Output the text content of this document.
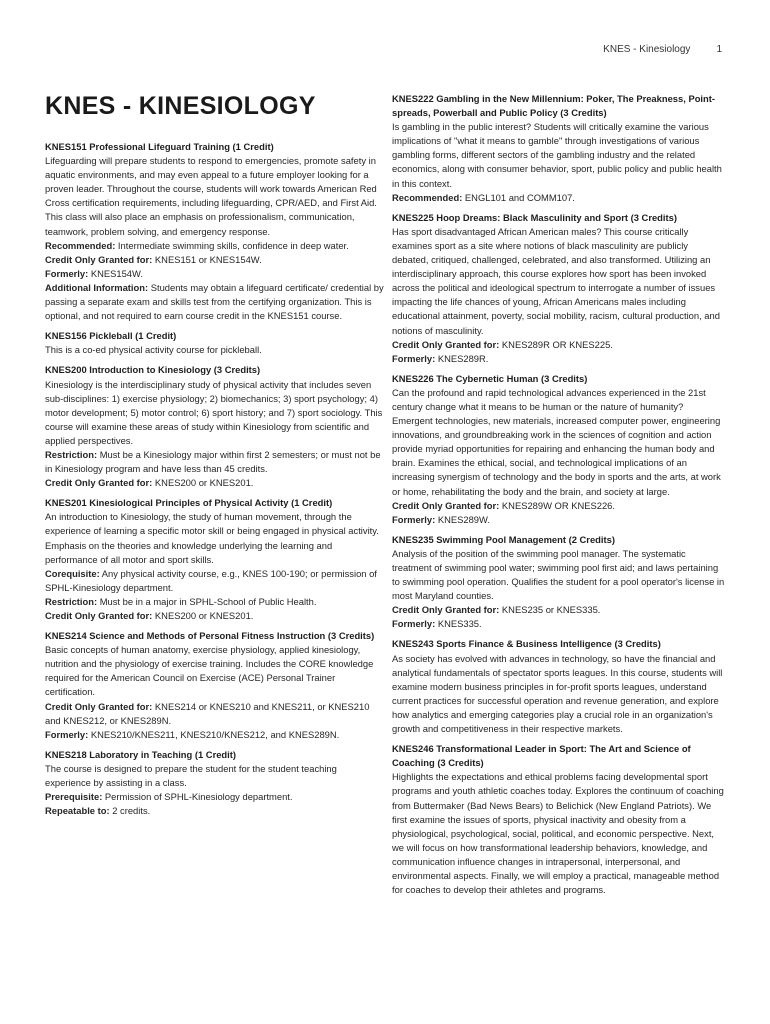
KNES - Kinesiology	1
KNES - KINESIOLOGY
KNES151 Professional Lifeguard Training (1 Credit)

Lifeguarding will prepare students to respond to emergencies, promote safety in aquatic environments, and may even appeal to a future employer looking for a proven leader. Throughout the course, students will work towards American Red Cross certification requirements, including lifeguarding, CPR/AED, and First Aid. This class will also place an emphasis on professionalism, communication, teamwork, problem solving, and emergency response.

Recommended: Intermediate swimming skills, confidence in deep water.

Credit Only Granted for: KNES151 or KNES154W.

Formerly: KNES154W.

Additional Information: Students may obtain a lifeguard certificate/ credential by passing a separate exam and skills test from the certifying organization. This is optional, and not required to earn course credit in the KNES151 course.

KNES156 Pickleball (1 Credit)

This is a co-ed physical activity course for pickleball.

KNES200 Introduction to Kinesiology (3 Credits)

Kinesiology is the interdisciplinary study of physical activity that includes seven sub-disciplines: 1) exercise physiology; 2) biomechanics; 3) sport psychology; 4) motor development; 5) motor control; 6) sport history; and 7) sport sociology. This course will examine these areas of study within Kinesiology from scientific and applied perspectives.

Restriction: Must be a Kinesiology major within first 2 semesters; or must not be in Kinesiology program and have less than 45 credits.

Credit Only Granted for: KNES200 or KNES201.

KNES201 Kinesiological Principles of Physical Activity (1 Credit)

An introduction to Kinesiology, the study of human movement, through the experience of learning a specific motor skill or being engaged in physical activity. Emphasis on the theories and knowledge underlying the learning and performance of all motor and sport skills.

Corequisite: Any physical activity course, e.g., KNES 100-190; or permission of SPHL-Kinesiology department.

Restriction: Must be in a major in SPHL-School of Public Health.

Credit Only Granted for: KNES200 or KNES201.

KNES214 Science and Methods of Personal Fitness Instruction (3 Credits)

Basic concepts of human anatomy, exercise physiology, applied kinesiology, nutrition and the physiology of exercise training. Includes the CORE knowledge required for the American Council on Exercise (ACE) Personal Trainer certification.

Credit Only Granted for: KNES214 or KNES210 and KNES211, or KNES210 and KNES212, or KNES289N.

Formerly: KNES210/KNES211, KNES210/KNES212, and KNES289N.

KNES218 Laboratory in Teaching (1 Credit)

The course is designed to prepare the student for the student teaching experience by assisting in a class.

Prerequisite: Permission of SPHL-Kinesiology department.

Repeatable to: 2 credits.

KNES222 Gambling in the New Millennium: Poker, The Preakness, Point-spreads, Powerball and Public Policy (3 Credits)

Is gambling in the public interest? Students will critically examine the various implications of "what it means to gamble" through investigations of various gambling forms, different sectors of the gambling industry and the related economics, along with consumer behavior, sport, public policy and public health in this context.

Recommended: ENGL101 and COMM107.

KNES225 Hoop Dreams: Black Masculinity and Sport (3 Credits)

Has sport disadvantaged African American males? This course critically examines sport as a site where notions of black masculinity are publicly debated, critiqued, challenged, celebrated, and also transformed. Utilizing an interdisciplinary approach, this course explores how sport has been invoked across the political and ideological spectrum to interrogate a number of issues impacting the life chances of young, African Americans males including educational attainment, poverty, social mobility, racism, cultural production, and notions of masculinity.

Credit Only Granted for: KNES289R OR KNES225.

Formerly: KNES289R.

KNES226 The Cybernetic Human (3 Credits)

Can the profound and rapid technological advances experienced in the 21st century change what it means to be human or the nature of humanity? Emergent technologies, new materials, increased computer power, engineering innovations, and groundbreaking work in the sciences of cognition and action provide myriad opportunities for repairing and enhancing the human body and brain. Examines the ethical, social, and technological implications of an increasing synergism of technology and the body in sports and the arts, at work or home, rehabilitating the body and the brain, and society at large.

Credit Only Granted for: KNES289W OR KNES226.

Formerly: KNES289W.

KNES235 Swimming Pool Management (2 Credits)

Analysis of the position of the swimming pool manager. The systematic treatment of swimming pool water; swimming pool first aid; and laws pertaining to swimming pool operation. Qualifies the student for a pool operator's license in most Maryland counties.

Credit Only Granted for: KNES235 or KNES335.

Formerly: KNES335.

KNES243 Sports Finance & Business Intelligence (3 Credits)

As society has evolved with advances in technology, so have the financial and analytical fundamentals of spectator sports leagues. In this course, students will examine modern business principles in for-profit sports leagues, understand current practices for successful operation and revenue generation, and explore how analytics and emerging categories play a crucial role in an organization's growth and competitiveness in their respective markets.

KNES246 Transformational Leader in Sport: The Art and Science of Coaching (3 Credits)

Highlights the expectations and ethical problems facing developmental sport programs and youth athletic coaches today. Explores the continuum of coaching from Buttermaker (Bad News Bears) to Belichick (New England Patriots). We first examine the issues of sports, physical inactivity and obesity from a physiological, psychological, social, political, and economic perspective. Next, we will focus on how transformational leadership behaviors, knowledge, and communication influence changes in intrapersonal, interpersonal, and environmental aspects. Finally, we will employ a practical, manageable method for coaches to develop their athletes and programs.
